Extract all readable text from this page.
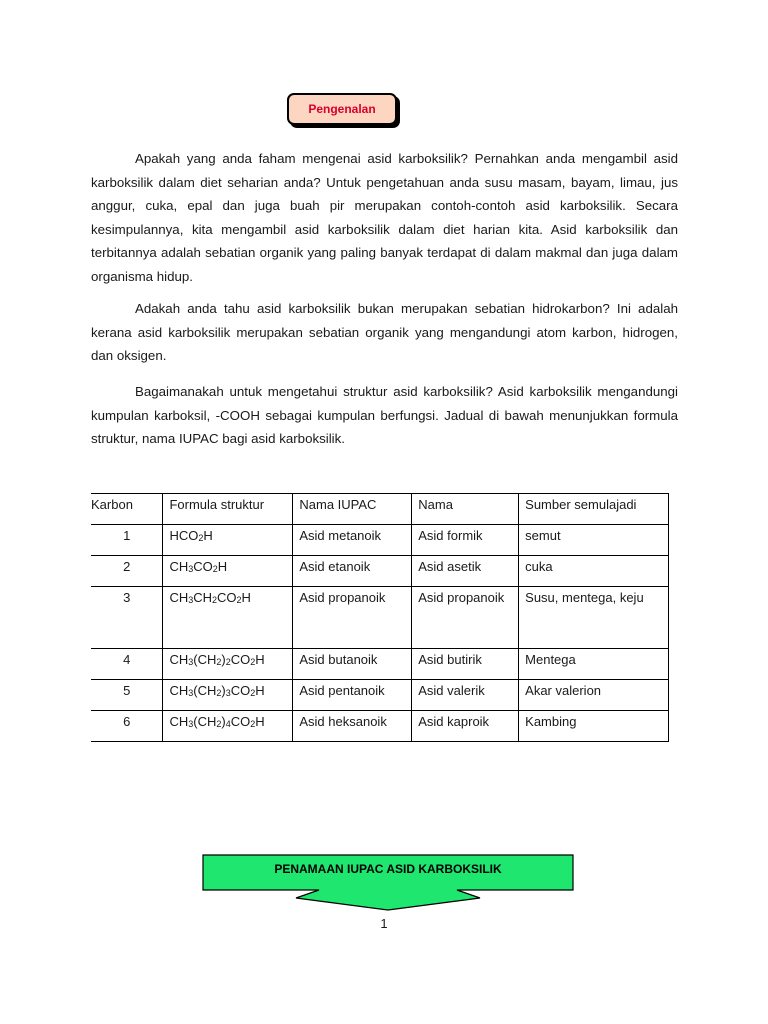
Pengenalan

Apakah yang anda faham mengenai asid karboksilik? Pernahkan anda mengambil asid karboksilik dalam diet seharian anda? Untuk pengetahuan anda susu masam, bayam, limau, jus anggur, cuka, epal dan juga buah pir merupakan contoh-contoh asid karboksilik. Secara kesimpulannya, kita mengambil asid karboksilik dalam diet harian kita. Asid karboksilik dan terbitannya adalah sebatian organik yang paling banyak terdapat di dalam makmal dan juga dalam organisma hidup.

Adakah anda tahu asid karboksilik bukan merupakan sebatian hidrokarbon? Ini adalah kerana asid karboksilik merupakan sebatian organik yang mengandungi atom karbon, hidrogen, dan oksigen.

Bagaimanakah untuk mengetahui struktur asid karboksilik? Asid karboksilik mengandungi kumpulan karboksil, -COOH sebagai kumpulan berfungsi. Jadual di bawah menunjukkan formula struktur, nama IUPAC bagi asid karboksilik.

Karbon	Formula struktur	Nama IUPAC	Nama	Sumber semulajadi
1	$HCO_2H$	Asid metanoik	Asid formik	semut
2	$CH_3CO_2H$	Asid etanoik	Asid asetik	cuka
3	$CH_3CH_2CO_2H$	Asid propanoik	Asid propanoik	Susu, mentega, keju
4	$CH_3(CH_2)_2CO_2H$	Asid butanoik	Asid butirik	Mentega
5	$CH_3(CH_2)_3CO_2H$	Asid pentanoik	Asid valerik	Akar valerion
6	$CH_3(CH_2)_4CO_2H$	Asid heksanoik	Asid kaproik	Kambing
PENAMAAN IUPAC ASID KARBOKSILIK
1
